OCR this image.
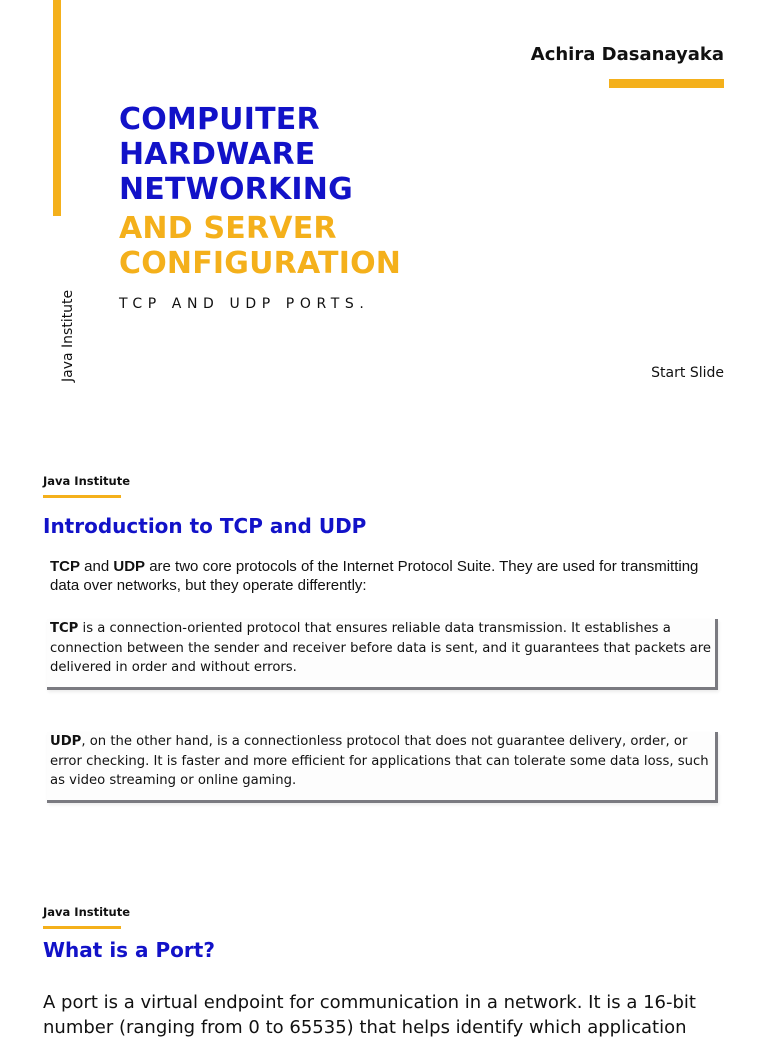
Java Institute
Achira Dasanayaka
COMPUITER
HARDWARE
NETWORKING
AND SERVER
CONFIGURATION
TCP AND UDP PORTS.
Start Slide
Java Institute
Introduction to TCP and UDP
TCP and UDP are two core protocols of the Internet Protocol Suite. They are used for transmitting data over networks, but they operate differently:
TCP is a connection-oriented protocol that ensures reliable data transmission. It establishes a connection between the sender and receiver before data is sent, and it guarantees that packets are delivered in order and without errors.
UDP, on the other hand, is a connectionless protocol that does not guarantee delivery, order, or error checking. It is faster and more efficient for applications that can tolerate some data loss, such as video streaming or online gaming.
Java Institute
What is a Port?
A port is a virtual endpoint for communication in a network. It is a 16-bit
number (ranging from 0 to 65535) that helps identify which application
